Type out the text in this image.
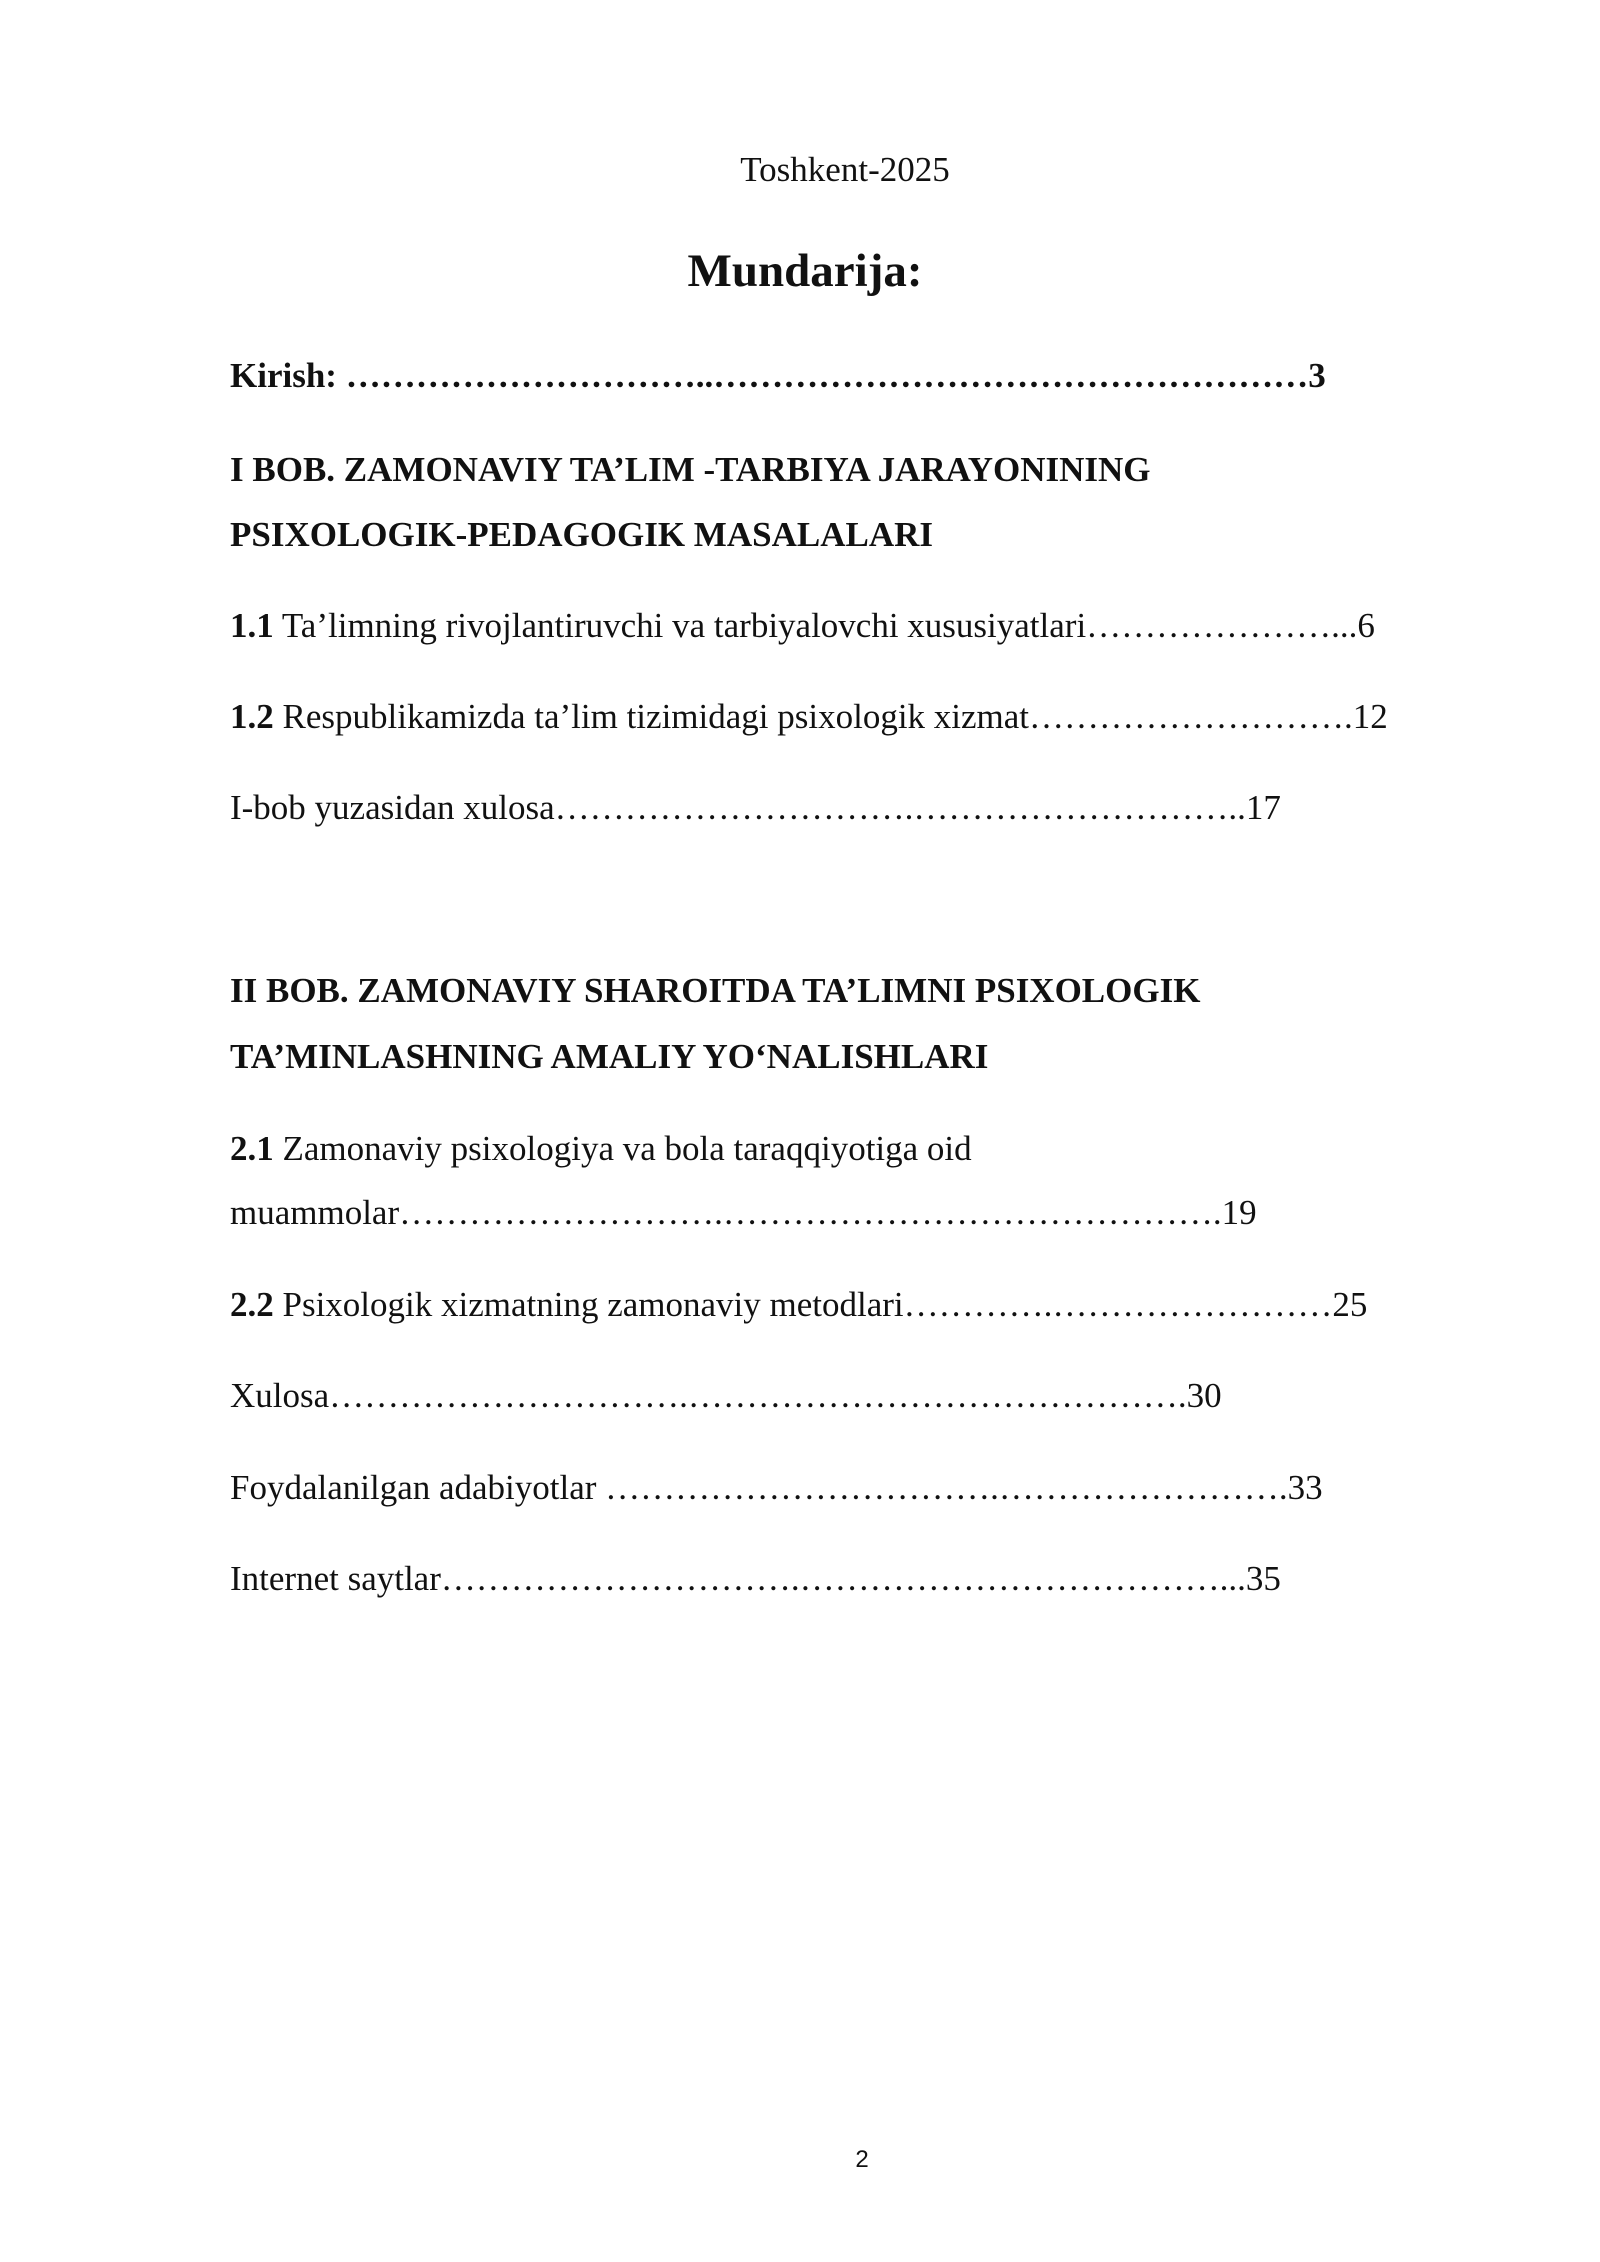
Toshkent-2025
Mundarija:
Kirish: …………………………..……………………………………………3
I BOB. ZAMONAVIY TA’LIM -TARBIYA JARAYONINING
PSIXOLOGIK-PEDAGOGIK MASALALARI
1.1 Ta’limning rivojlantiruvchi va tarbiyalovchi xususiyatlari…………………...6
1.2 Respublikamizda ta’lim tizimidagi psixologik xizmat……………………….12
I-bob yuzasidan xulosa………………………….………………………..17
II BOB. ZAMONAVIY SHAROITDA TA’LIMNI PSIXOLOGIK
TA’MINLASHNING AMALIY YO‘NALISHLARI
2.1 Zamonaviy psixologiya va bola taraqqiyotiga oid
muammolar……………………….…………………………………….19
2.2 Psixologik xizmatning zamonaviy metodlari………….……………………25
Xulosa………………………….…………………………………….30
Foydalanilgan adabiyotlar …………………………….…………………….33
Internet saytlar………………………….………………………………...35
2
